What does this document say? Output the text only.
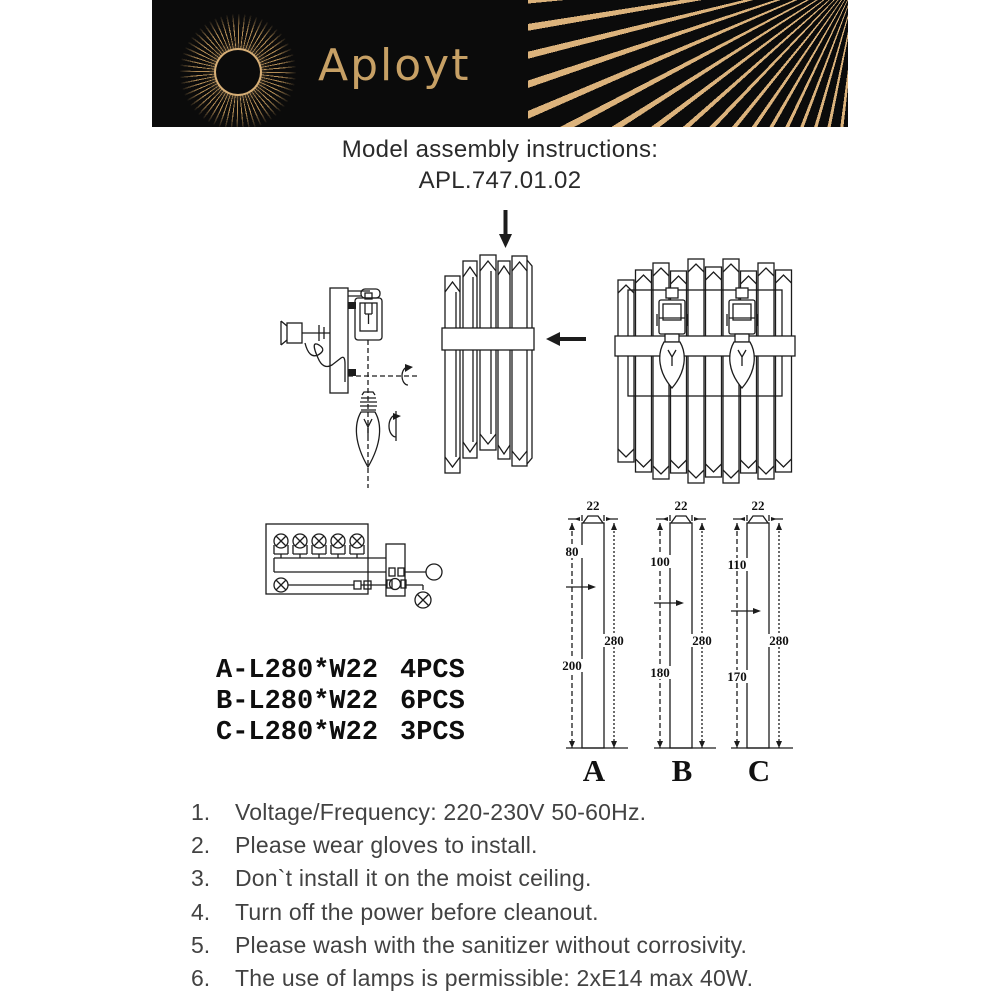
Aployt
Model assembly instructions:
APL.747.01.02
22
80
200
280
A
22
100
180
280
B
22
110
170
280
C
A-L280*W22 4PCS
B-L280*W22 6PCS
C-L280*W22 3PCS
1.	Voltage/Frequency: 220-230V 50-60Hz.
2.	Please wear gloves to install.
3.	Don`t install it on the moist ceiling.
4.	Turn off the power before cleanout.
5.	Please wash with the sanitizer without corrosivity.
6.	The use of lamps is permissible: 2xE14 max 40W.
